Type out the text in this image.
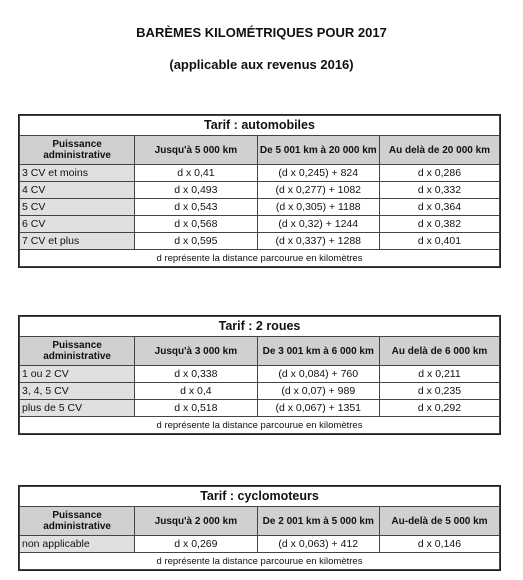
BARÈMES KILOMÉTRIQUES POUR 2017
(applicable aux revenus 2016)
Tarif : automobiles			
Puissance administrative	Jusqu'à 5 000 km	De 5 001 km à 20 000 km	Au delà de 20 000 km
3 CV et moins	d x 0,41	(d x 0,245) + 824	d x 0,286
4 CV	d x 0,493	(d x 0,277) + 1082	d x 0,332
5 CV	d x 0,543	(d x 0,305) + 1188	d x 0,364
6 CV	d x 0,568	(d x 0,32) + 1244	d x 0,382
7 CV et plus	d x 0,595	(d x 0,337) + 1288	d x 0,401
d représente la distance parcourue en kilomètres			
Tarif : 2 roues			
Puissance administrative	Jusqu'à 3 000 km	De 3 001 km à 6 000 km	Au delà de 6 000 km
1 ou 2 CV	d x 0,338	(d x 0,084) + 760	d x 0,211
3, 4, 5 CV	d x 0,4	(d x 0,07) + 989	d x 0,235
plus de 5 CV	d x 0,518	(d x 0,067) + 1351	d x 0,292
d représente la distance parcourue en kilomètres			
Tarif : cyclomoteurs			
Puissance administrative	Jusqu'à 2 000 km	De 2 001 km à 5 000 km	Au-delà de 5 000 km
non applicable	d x 0,269	(d x 0,063) + 412	d x 0,146
d représente la distance parcourue en kilomètres			
